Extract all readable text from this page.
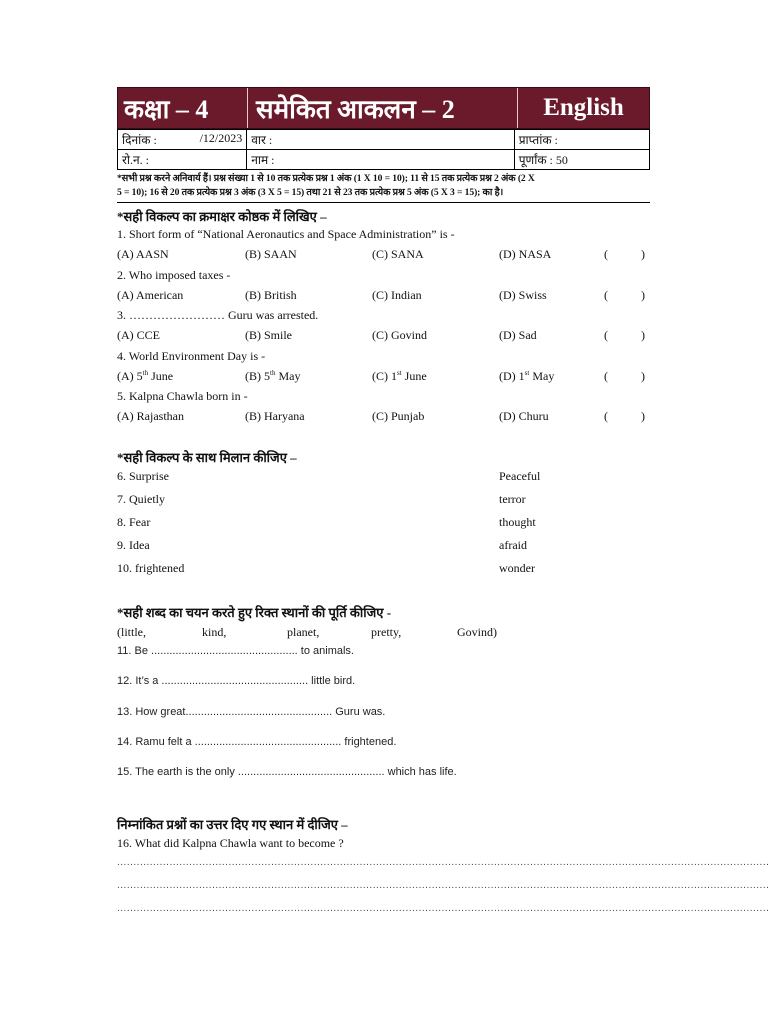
कक्षा – 4	समेकित आकलन – 2	English
दिनांक : /12/2023	वार :	प्राप्तांक :
रो.न. :	नाम :	पूर्णांक : 50
*सभी प्रश्न करने अनिवार्य हैं। प्रश्न संख्या 1 से 10 तक प्रत्येक प्रश्न 1 अंक (1 X 10 = 10); 11 से 15 तक प्रत्येक प्रश्न 2 अंक (2 X
5 = 10); 16 से 20 तक प्रत्येक प्रश्न 3 अंक (3 X 5 = 15) तथा 21 से 23 तक प्रत्येक प्रश्न 5 अंक (5 X 3 = 15); का है।
*सही विकल्प का क्रमाक्षर कोष्ठक में लिखिए –
1. Short form of “National Aeronautics and Space Administration” is -
(A) AASN	(B) SAAN	(C) SANA	(D) NASA	(	)
2. Who imposed taxes -
(A) American	(B) British	(C) Indian	(D) Swiss	(	)
3. …………………… Guru was arrested.
(A) CCE	(B) Smile	(C) Govind	(D) Sad	(	)
4. World Environment Day is -
(A) 5th June	(B) 5th May	(C) 1st June	(D) 1st May	(	)
5. Kalpna Chawla born in -
(A) Rajasthan	(B) Haryana	(C) Punjab	(D) Churu	(	)
*सही विकल्प के साथ मिलान कीजिए –
6. Surprise	Peaceful
7. Quietly	terror
8. Fear	thought
9. Idea	afraid
10. frightened	wonder
*सही शब्द का चयन करते हुए रिक्त स्थानों की पूर्ति कीजिए -
(little,	kind,	planet,	pretty,	Govind)
11. Be ................................................ to animals.
12. It’s a ................................................ little bird.
13. How great................................................ Guru was.
14. Ramu felt a ................................................ frightened.
15. The earth is the only ................................................ which has life.
निम्नांकित प्रश्नों का उत्तर दिए गए स्थान में दीजिए –
16. What did Kalpna Chawla want to become ?
.......................................................................................................................................................................................................
.......................................................................................................................................................................................................
.......................................................................................................................................................................................................
